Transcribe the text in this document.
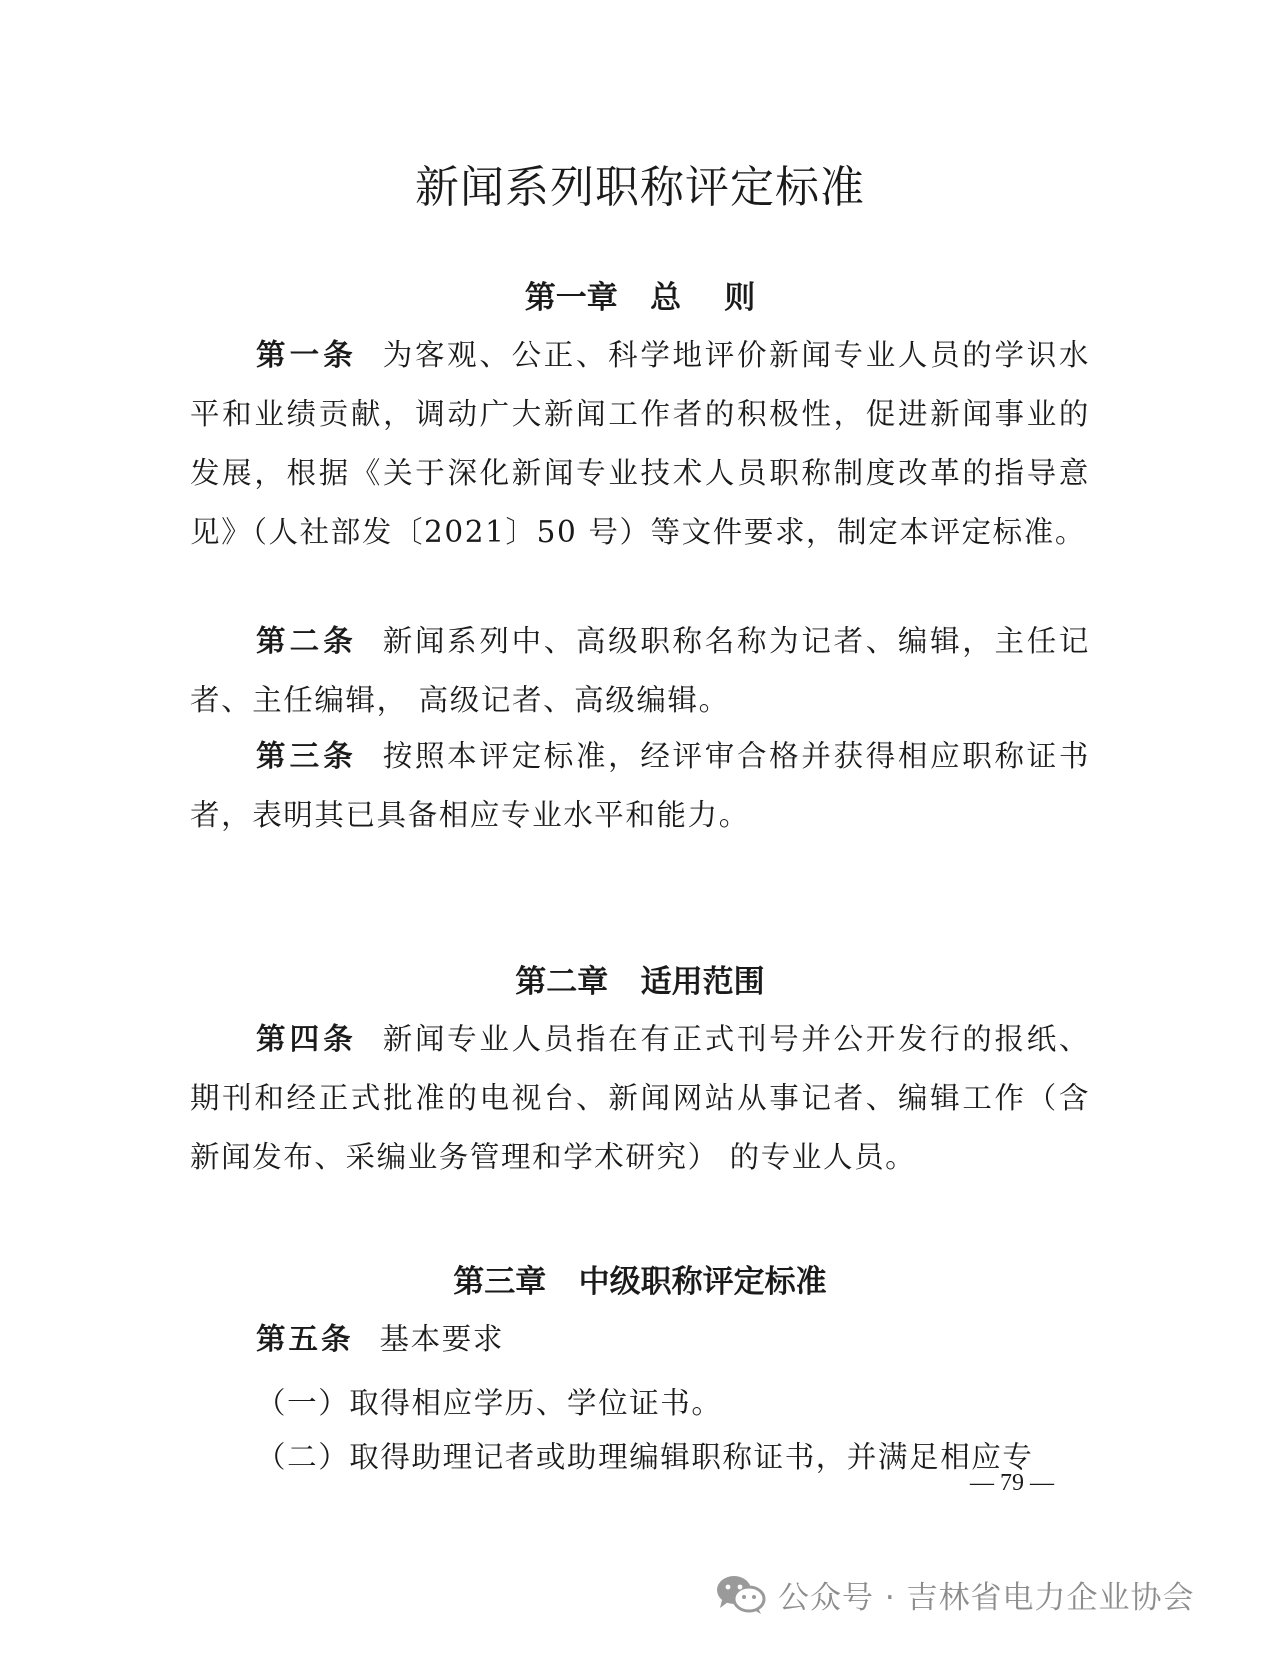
新闻系列职称评定标准
第一章   总    则

第一条 为客观、公正、科学地评价新闻专业人员的学识水平和业绩贡献，调动广大新闻工作者的积极性，促进新闻事业的发展，根据《关于深化新闻专业技术人员职称制度改革的指导意见》（人社部发〔2021〕50 号）等文件要求，制定本评定标准。

第二条 新闻系列中、高级职称名称为记者、编辑，主任记者、主任编辑， 高级记者、高级编辑。

第三条 按照本评定标准，经评审合格并获得相应职称证书者，表明其已具备相应专业水平和能力。

第二章   适用范围

第四条 新闻专业人员指在有正式刊号并公开发行的报纸、期刊和经正式批准的电视台、新闻网站从事记者、编辑工作（含新闻发布、采编业务管理和学术研究） 的专业人员。

第三章   中级职称评定标准

第五条 基本要求

（一）取得相应学历、学位证书。

（二）取得助理记者或助理编辑职称证书，并满足相应专

— 79 —
公众号 · 吉林省电力企业协会
